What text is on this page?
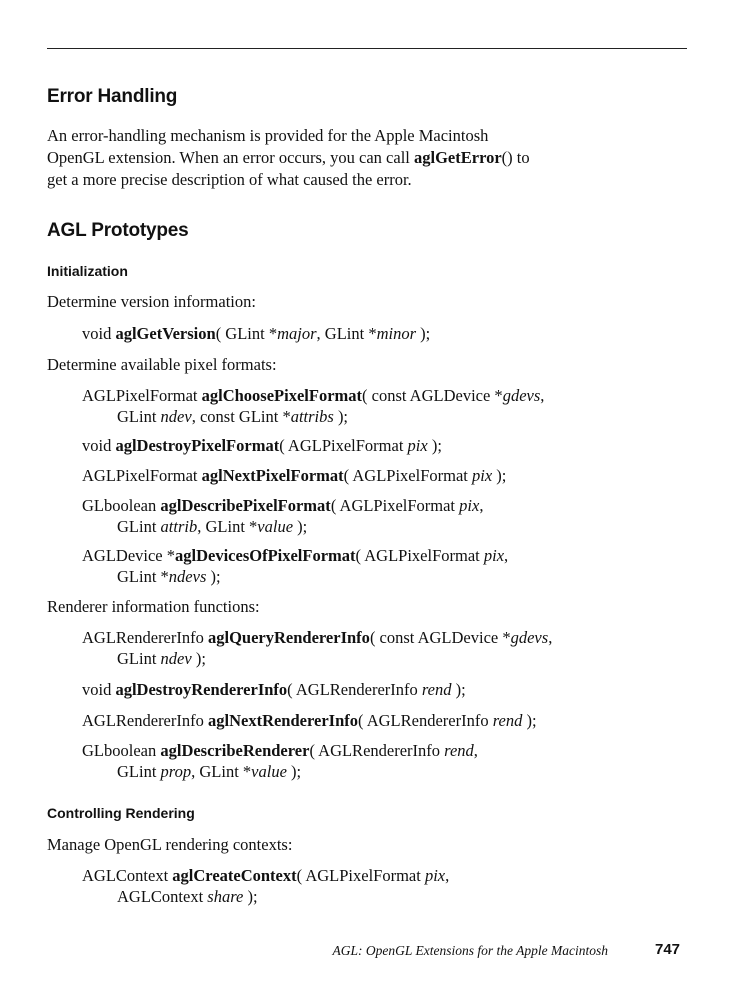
Error Handling
An error-handling mechanism is provided for the Apple Macintosh
OpenGL extension. When an error occurs, you can call aglGetError() to
get a more precise description of what caused the error.
AGL Prototypes
Initialization
Determine version information:
void aglGetVersion( GLint *major, GLint *minor );
Determine available pixel formats:
AGLPixelFormat aglChoosePixelFormat( const AGLDevice *gdevs,
GLint ndev, const GLint *attribs );
void aglDestroyPixelFormat( AGLPixelFormat pix );
AGLPixelFormat aglNextPixelFormat( AGLPixelFormat pix );
GLboolean aglDescribePixelFormat( AGLPixelFormat pix,
GLint attrib, GLint *value );
AGLDevice *aglDevicesOfPixelFormat( AGLPixelFormat pix,
GLint *ndevs );
Renderer information functions:
AGLRendererInfo aglQueryRendererInfo( const AGLDevice *gdevs,
GLint ndev );
void aglDestroyRendererInfo( AGLRendererInfo rend );
AGLRendererInfo aglNextRendererInfo( AGLRendererInfo rend );
GLboolean aglDescribeRenderer( AGLRendererInfo rend,
GLint prop, GLint *value );
Controlling Rendering
Manage OpenGL rendering contexts:
AGLContext aglCreateContext( AGLPixelFormat pix,
AGLContext share );
AGL: OpenGL Extensions for the Apple Macintosh	747
